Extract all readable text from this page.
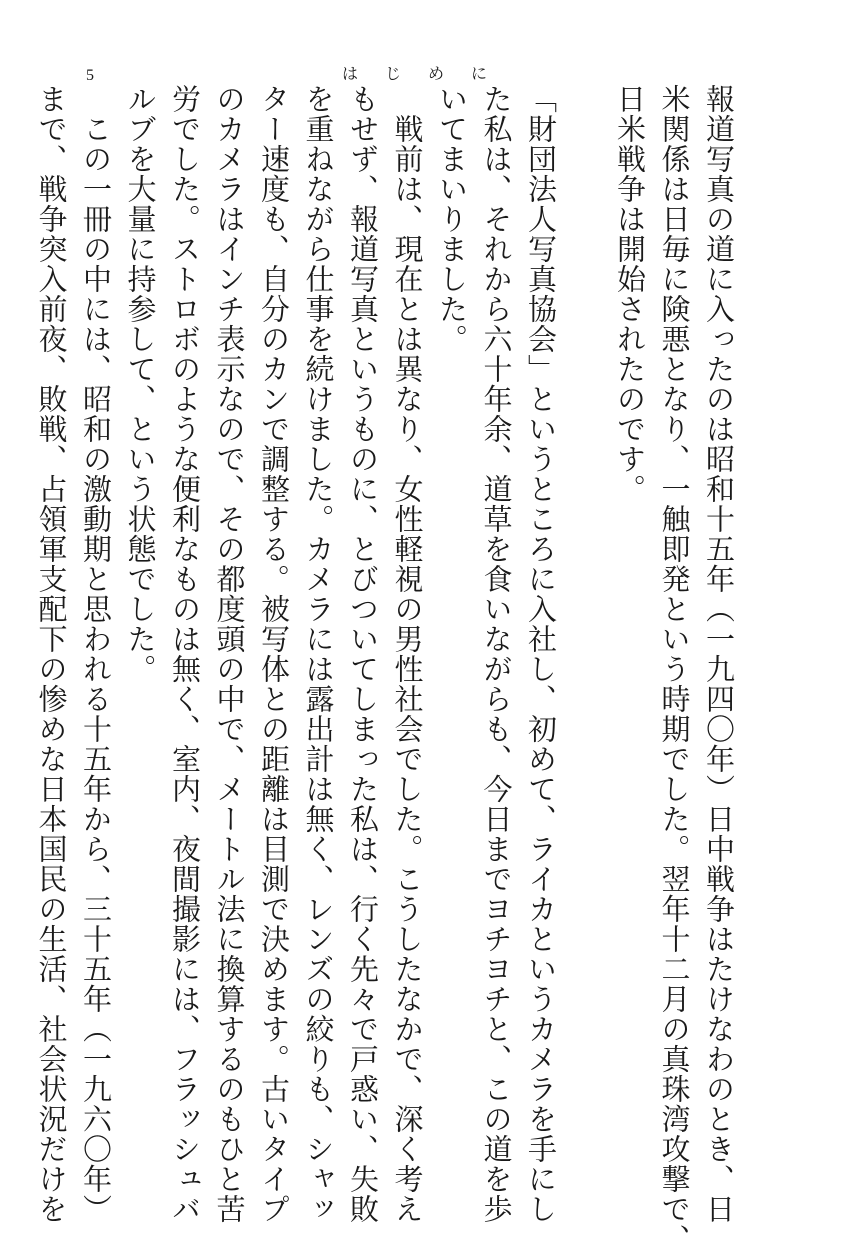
5	はじめに
報道写真の道に入ったのは昭和十五年（一九四〇年）日中戦争はたけなわのとき、日
米関係は日毎に険悪となり、一触即発という時期でした。翌年十二月の真珠湾攻撃で、
日米戦争は開始されたのです。

「財団法人写真協会」というところに入社し、初めて、ライカというカメラを手にし
た私は、それから六十年余、道草を食いながらも、今日までヨチヨチと、この道を歩
いてまいりました。
　戦前は、現在とは異なり、女性軽視の男性社会でした。こうしたなかで、深く考え
もせず、報道写真というものに、とびついてしまった私は、行く先々で戸惑い、失敗
を重ねながら仕事を続けました。カメラには露出計は無く、レンズの絞りも、シャッ
ター速度も、自分のカンで調整する。被写体との距離は目測で決めます。古いタイプ
のカメラはインチ表示なので、その都度頭の中で、メートル法に換算するのもひと苦
労でした。ストロボのような便利なものは無く、室内、夜間撮影には、フラッシュバ
ルブを大量に持参して、という状態でした。
　この一冊の中には、昭和の激動期と思われる十五年から、三十五年（一九六〇年）
まで、戦争突入前夜、敗戦、占領軍支配下の惨めな日本国民の生活、社会状況だけを
